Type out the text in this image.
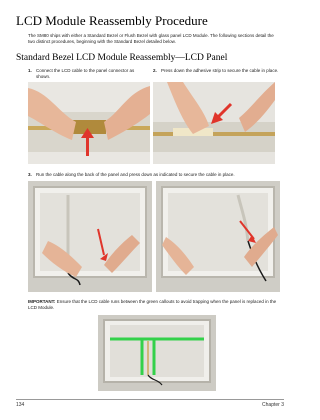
LCD Module Reassembly Procedure
The SM80 ships with either a Standard Bezel or Flush Bezel with glass panel LCD Module. The following sections detail the two distinct procedures, beginning with the Standard Bezel detailed below.
Standard Bezel LCD Module Reassembly—LCD Panel
1. Connect the LCD cable to the panel connector as shown.
2. Press down the adhesive strip to secure the cable in place.
3. Run the cable along the back of the panel and press down as indicated to secure the cable in place.
IMPORTANT: Ensure that the LCD cable runs between the green callouts to avoid trapping when the panel is replaced in the LCD Module.
134	Chapter 3
